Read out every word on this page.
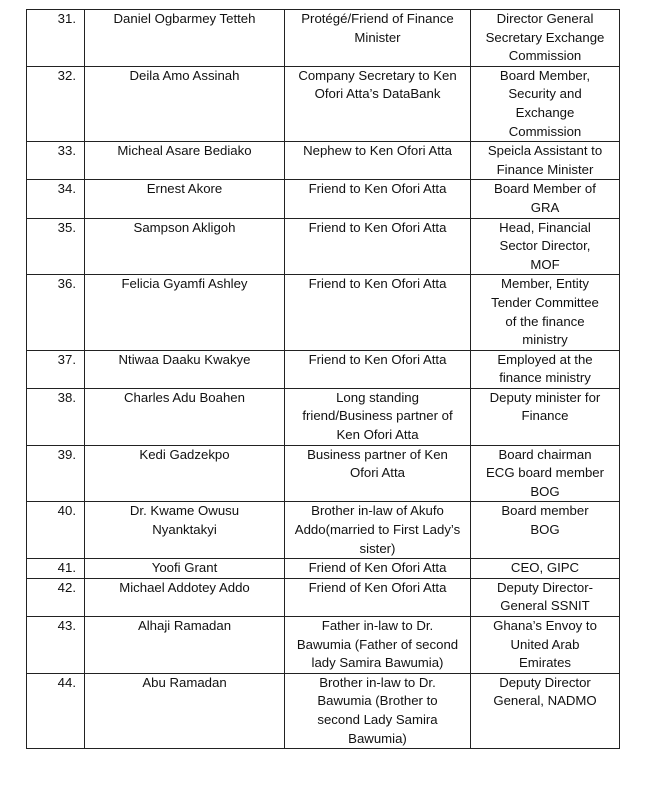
31.	Daniel Ogbarmey Tetteh	Protégé/Friend of Finance
Minister	Director General
Secretary Exchange
Commission
32.	Deila Amo Assinah	Company Secretary to Ken
Ofori Atta’s DataBank	Board Member,
Security and
Exchange
Commission
33.	Micheal Asare Bediako	Nephew to Ken Ofori Atta	Speicla Assistant to
Finance Minister
34.	Ernest Akore	Friend to Ken Ofori Atta	Board Member of
GRA
35.	Sampson Akligoh	Friend to Ken Ofori Atta	Head, Financial
Sector Director,
MOF
36.	Felicia Gyamfi Ashley	Friend to Ken Ofori Atta	Member, Entity
Tender Committee
of the finance
ministry
37.	Ntiwaa Daaku Kwakye	Friend to Ken Ofori Atta	Employed at the
finance ministry
38.	Charles Adu Boahen	Long standing
friend/Business partner of
Ken Ofori Atta	Deputy minister for
Finance
39.	Kedi Gadzekpo	Business partner of Ken
Ofori Atta	Board chairman
ECG board member
BOG
40.	Dr. Kwame Owusu
Nyanktakyi	Brother in-law of Akufo
Addo(married to First Lady’s
sister)	Board member
BOG
41.	Yoofi Grant	Friend of Ken Ofori Atta	CEO, GIPC
42.	Michael Addotey Addo	Friend of Ken Ofori Atta	Deputy Director-
General SSNIT
43.	Alhaji Ramadan	Father in-law to Dr.
Bawumia (Father of second
lady Samira Bawumia)	Ghana’s Envoy to
United Arab
Emirates
44.	Abu Ramadan	Brother in-law to Dr.
Bawumia (Brother to
second Lady Samira
Bawumia)	Deputy Director
General, NADMO
